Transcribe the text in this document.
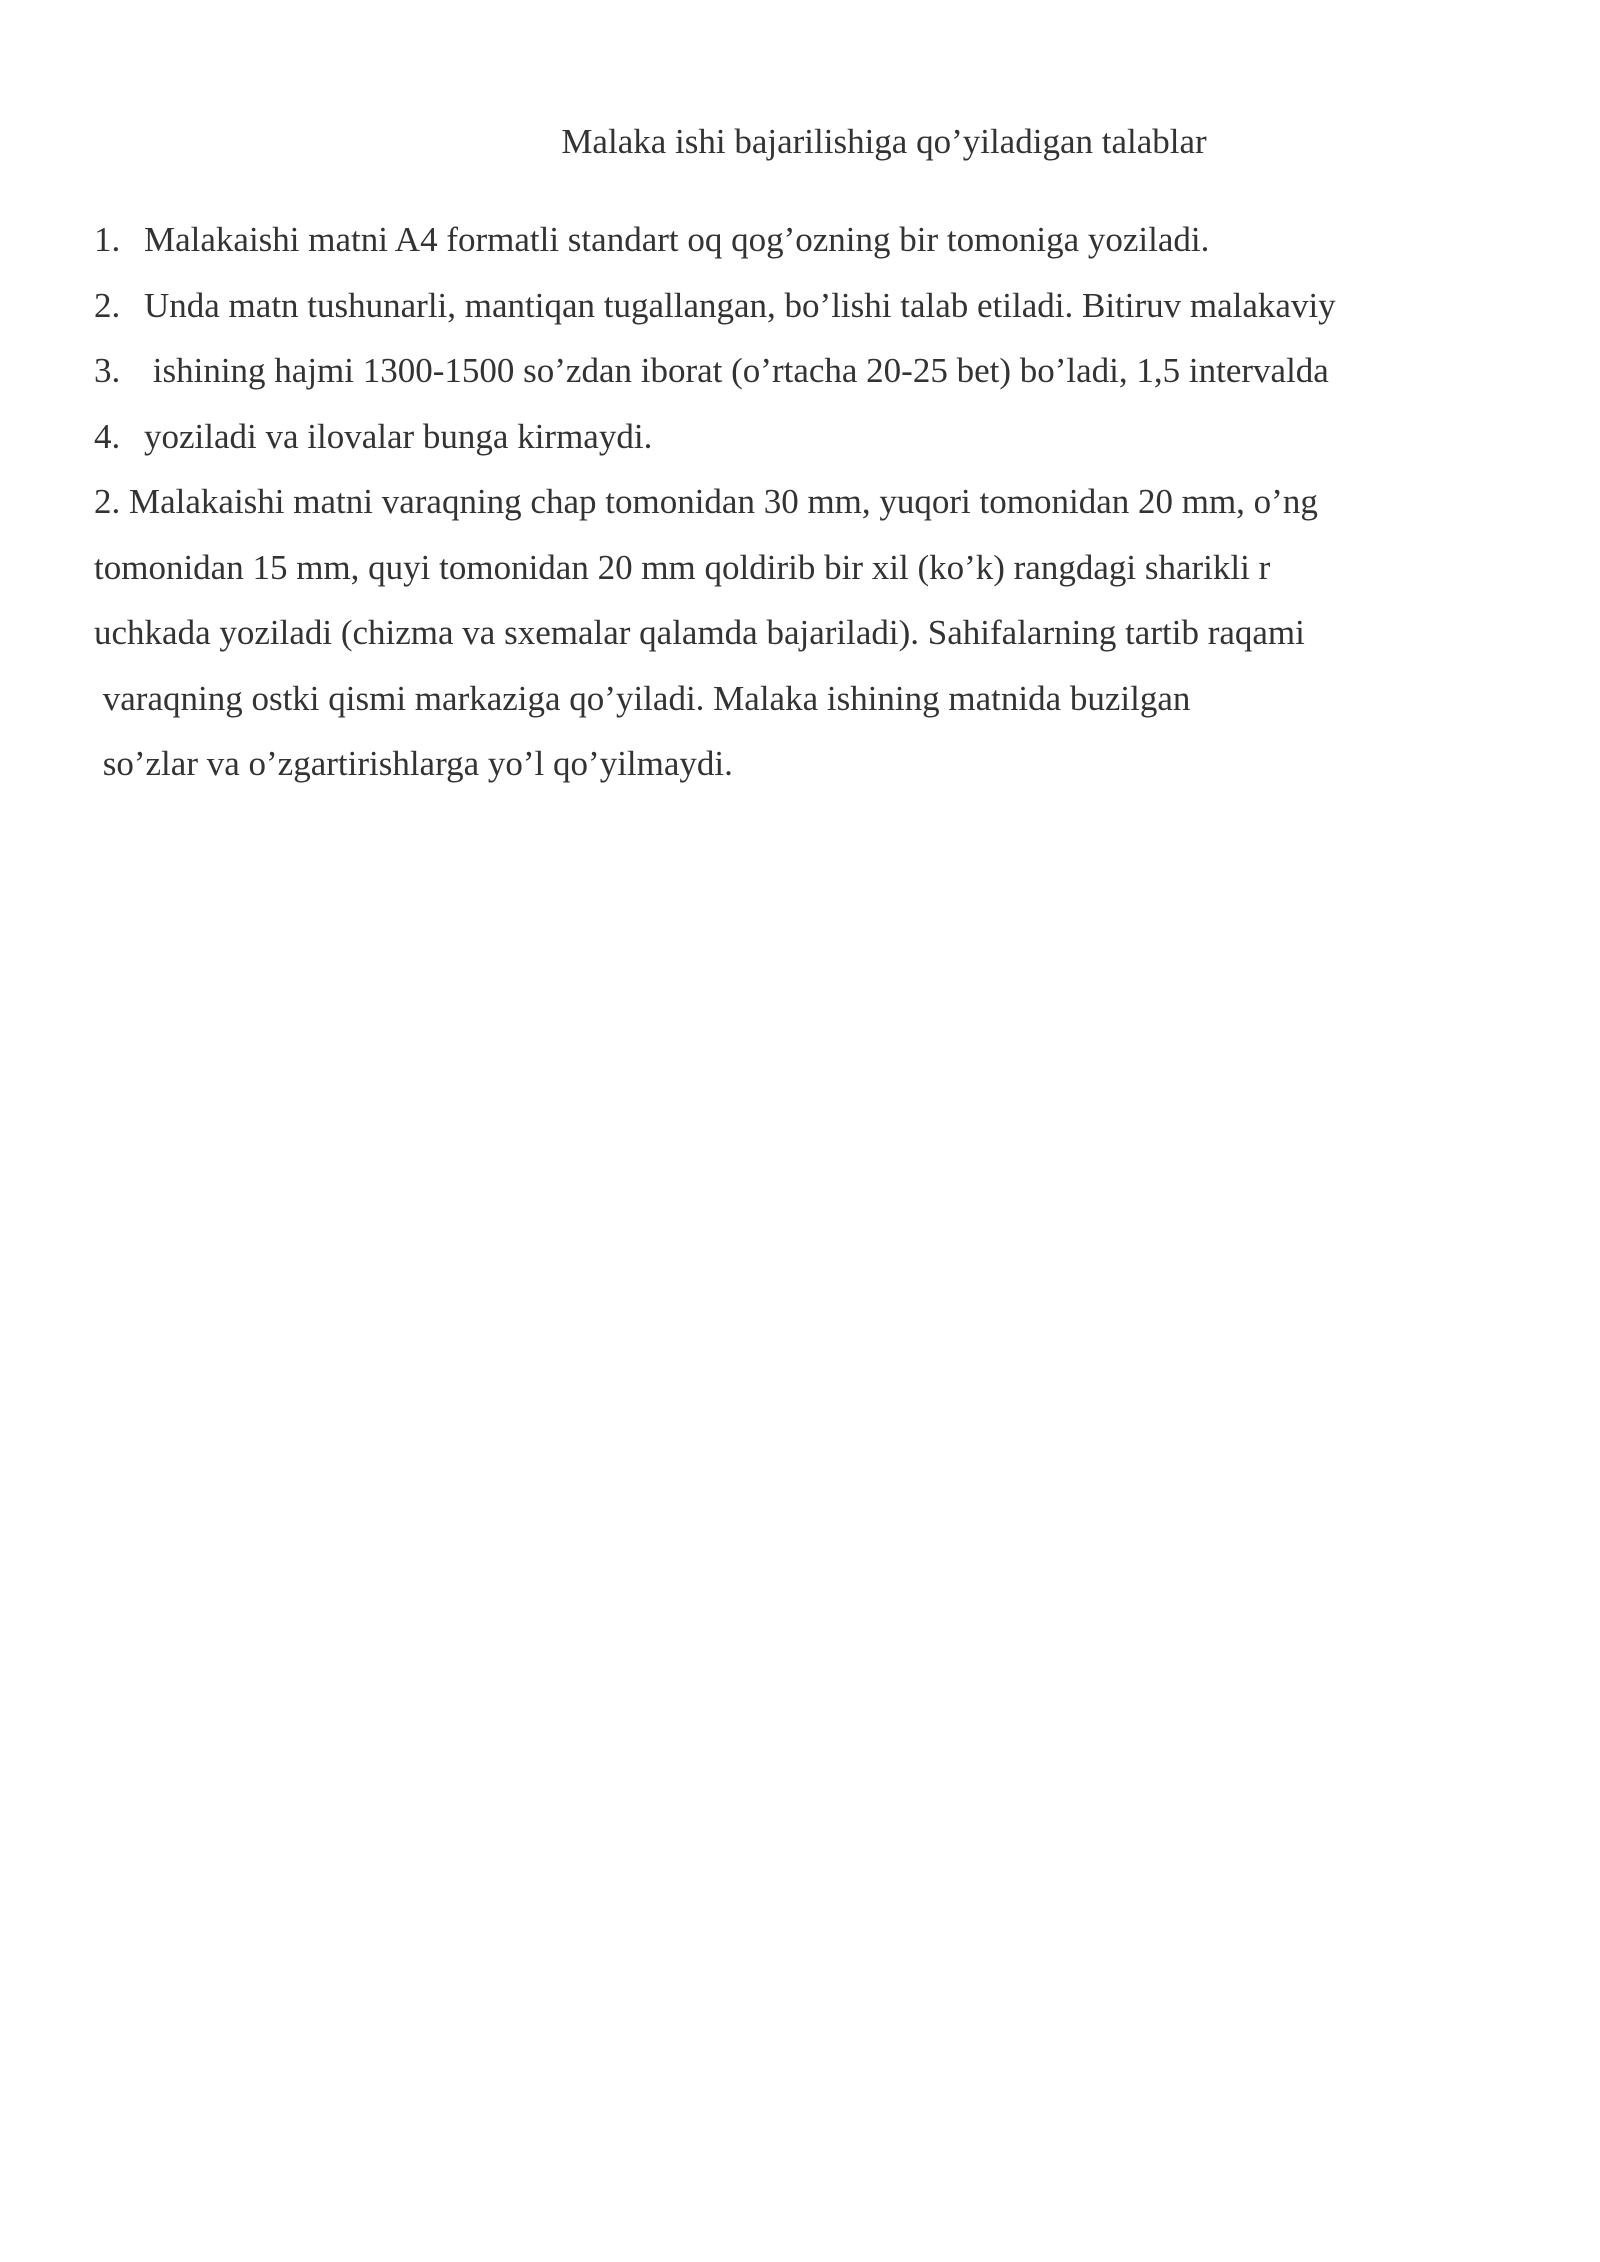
Malaka ishi bajarilishiga qo’yiladigan talablar
1. Malakaishi matni A4 formatli standart oq qog’ozning bir tomoniga yoziladi.
2. Unda matn tushunarli, mantiqan tugallangan, bo’lishi talab etiladi. Bitiruv malakaviy
3. ishining hajmi 1300-1500 so’zdan iborat (o’rtacha 20-25 bet) bo’ladi, 1,5 intervalda
4. yoziladi va ilovalar bunga kirmaydi.
2. Malakaishi matni varaqning chap tomonidan 30 mm, yuqori tomonidan 20 mm, o’ng
tomonidan 15 mm, quyi tomonidan 20 mm qoldirib bir xil (ko’k) rangdagi sharikli r
uchkada yoziladi (chizma va sxemalar qalamda bajariladi). Sahifalarning tartib raqami
varaqning ostki qismi markaziga qo’yiladi. Malaka ishining matnida buzilgan
so’zlar va o’zgartirishlarga yo’l qo’yilmaydi.
